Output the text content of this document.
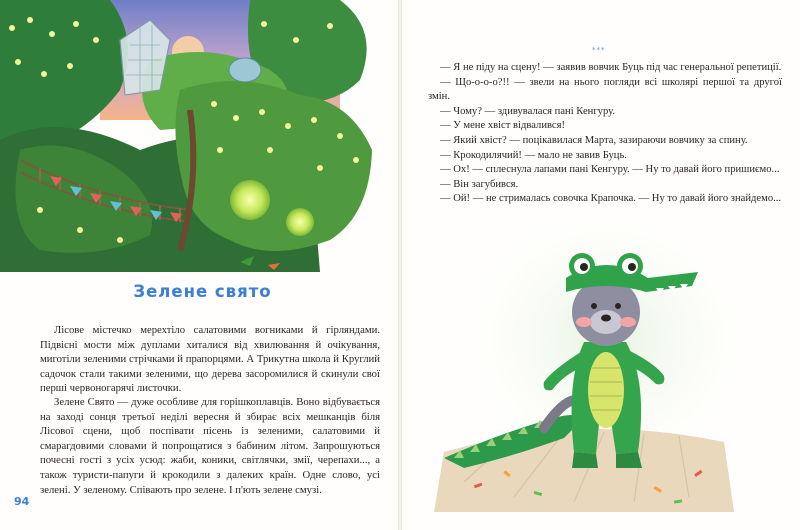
Зелене свято

Лісове містечко мерехтіло салатовими вогниками й гірляндами. Підвісні мости між дуплами хиталися від хвилювання й очікування, миготіли зеленими стрічками й прапорцями. А Трикутна школа й Круглий садочок стали такими зеленими, що дерева засоромилися й скинули свої перші червоногарячі листочки.

Зелене Свято — дуже особливе для горішкоплавців. Воно відбувається на заході сонця третьої неділі вересня й збирає всіх мешканців біля Лісової сцени, щоб поспівати пісень із зеленими, салатовими й смарагдовими словами й попрощатися з бабиним літом. Запрошуються почесні гості з усіх усюд: жаби, коники, світлячки, змії, черепахи..., а також туристи-папуги й крокодили з далеких країн. Одне слово, усі зелені. У зеленому. Співають про зелене. І п'ють зелене смузі.

94
***
— Я не піду на сцену! — заявив вовчик Буць під час генеральної репетиції.
— Що-о-о-о?!! — звели на нього погляди всі школярі першої та другої змін.
— Чому? — здивувалася пані Кенгуру.
— У мене хвіст відвалився!
— Який хвіст? — поцікавилася Марта, зазираючи вовчику за спину.
— Крокодилячий! — мало не завив Буць.
— Ох! — сплеснула лапами пані Кенгуру. — Ну то давай його пришиємо...
— Він загубився.
— Ой! — не стрималась совочка Крапочка. — Ну то давай його знайдемо...
